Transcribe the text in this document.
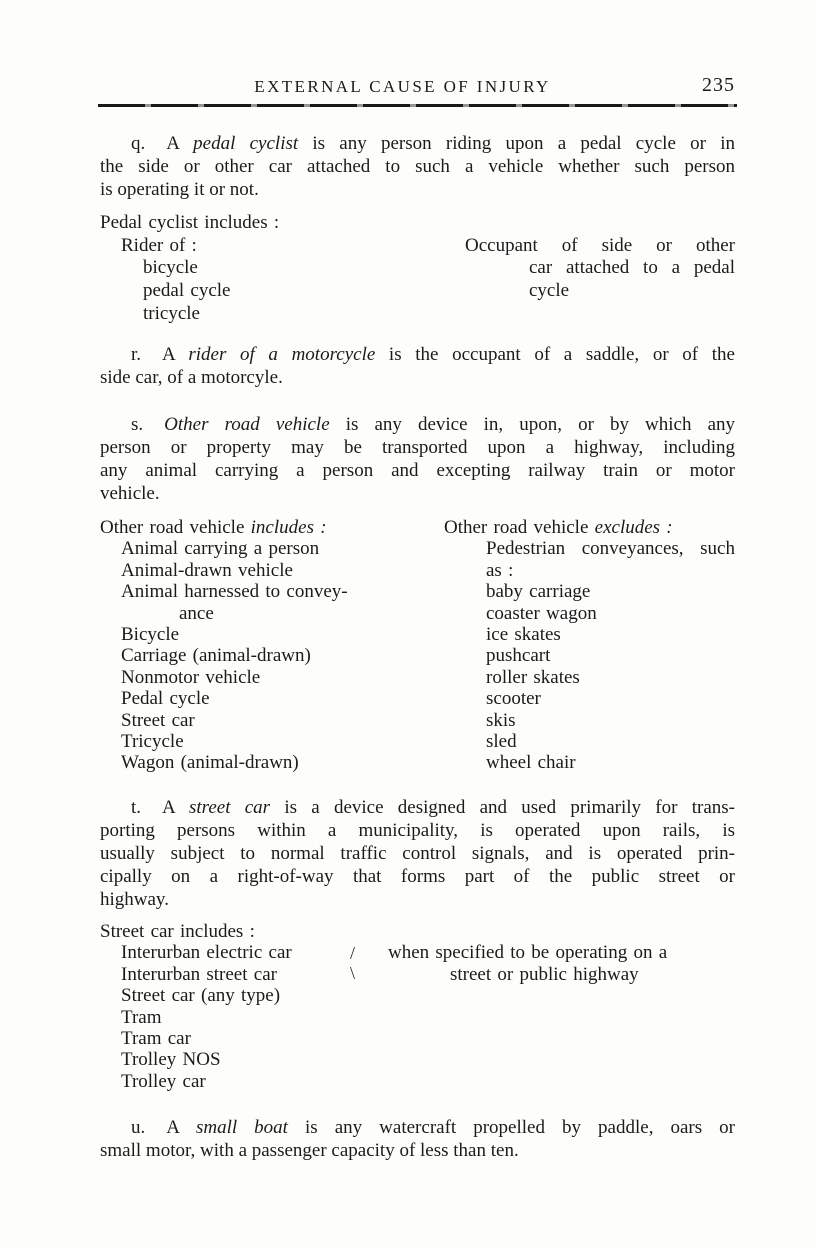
EXTERNAL CAUSE OF INJURY	235
q. A pedal cyclist is any person riding upon a pedal cycle or in
the side or other car attached to such a vehicle whether such person
is operating it or not.
Pedal cyclist includes :
Rider of :
bicycle
pedal cycle
tricycle
Occupant of side or other
car attached to a pedal
cycle
r. A rider of a motorcycle is the occupant of a saddle, or of the
side car, of a motorcyle.
s. Other road vehicle is any device in, upon, or by which any
person or property may be transported upon a highway, including
any animal carrying a person and excepting railway train or motor
vehicle.
Other road vehicle includes :
Animal carrying a person
Animal-drawn vehicle
Animal harnessed to convey-
ance
Bicycle
Carriage (animal-drawn)
Nonmotor vehicle
Pedal cycle
Street car
Tricycle
Wagon (animal-drawn)
Other road vehicle excludes :
Pedestrian conveyances, such
as :
baby carriage
coaster wagon
ice skates
pushcart
roller skates
scooter
skis
sled
wheel chair
t. A street car is a device designed and used primarily for trans-
porting persons within a municipality, is operated upon rails, is
usually subject to normal traffic control signals, and is operated prin-
cipally on a right-of-way that forms part of the public street or
highway.
Street car includes :
Interurban electric car
Interurban street car
Street car (any type)
Tram
Tram car
Trolley NOS
Trolley car
/
\
when specified to be operating on a
street or public highway
u. A small boat is any watercraft propelled by paddle, oars or
small motor, with a passenger capacity of less than ten.
